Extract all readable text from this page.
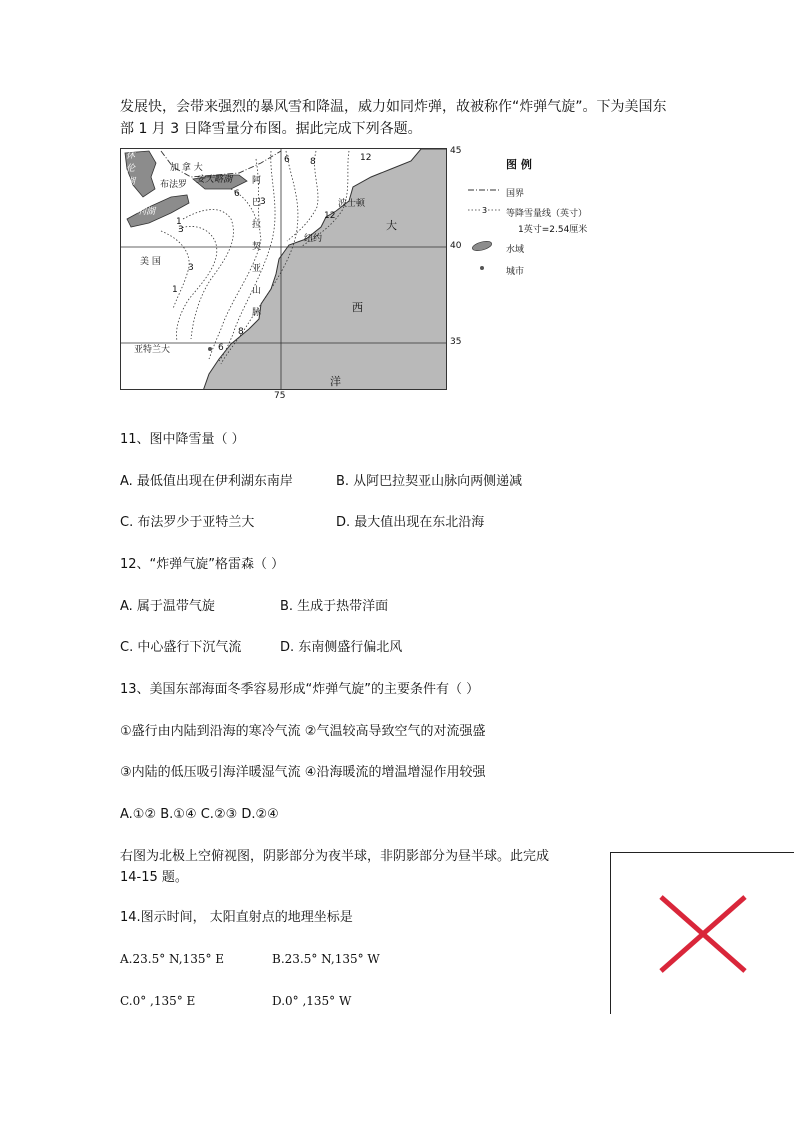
发展快，会带来强烈的暴风雪和降温，威力如同炸弹，故被称作“炸弹气旋”。下为美国东
部 1 月 3 日降雪量分布图。据此完成下列各题。
休伦湖
加 拿 大
安大略湖
布法罗
伊利湖
美 国
阿巴拉契亚山脉
波士顿
纽约
亚特兰大
大
西
洋
6 8	12
6
3
1
3
3
1
12
8
6
45
40
35
75
图 例
3
国界
等降雪量线（英寸）
1英寸=2.54厘米
水域
城市
11、图中降雪量（ ）
A. 最低值出现在伊利湖东南岸	B. 从阿巴拉契亚山脉向两侧递减
C. 布法罗少于亚特兰大	D. 最大值出现在东北沿海
12、“炸弹气旋”格雷森（ ）
A. 属于温带气旋	B. 生成于热带洋面
C. 中心盛行下沉气流	D. 东南侧盛行偏北风
13、美国东部海面冬季容易形成“炸弹气旋”的主要条件有（ ）
①盛行由内陆到沿海的寒冷气流 ②气温较高导致空气的对流强盛
③内陆的低压吸引海洋暖湿气流 ④沿海暖流的增温增湿作用较强
A.①② B.①④ C.②③ D.②④
右图为北极上空俯视图，阴影部分为夜半球，非阴影部分为昼半球。此完成
14-15 题。
14.图示时间， 太阳直射点的地理坐标是
A.23.5° N,135° E	B.23.5° N,135° W
C.0° ,135° E	D.0° ,135° W
